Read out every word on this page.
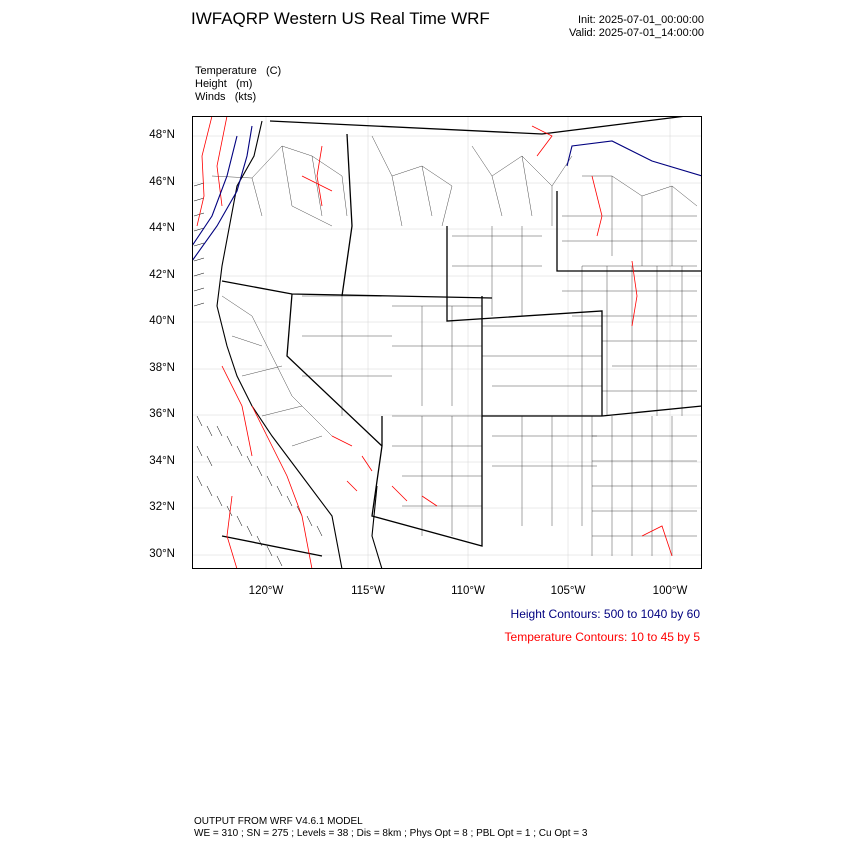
IWFAQRP Western US Real Time WRF	Init: 2025-07-01_00:00:00
Valid: 2025-07-01_14:00:00
Temperature (C)
Height (m)
Winds (kts)
48°N
46°N
44°N
42°N
40°N
38°N
36°N
34°N
32°N
30°N
120°W	115°W	110°W	105°W	100°W
Height Contours: 500 to 1040 by 60
Temperature Contours: 10 to 45 by 5
OUTPUT FROM WRF V4.6.1 MODEL
WE = 310 ; SN = 275 ; Levels = 38 ; Dis = 8km ; Phys Opt = 8 ; PBL Opt = 1 ; Cu Opt = 3
